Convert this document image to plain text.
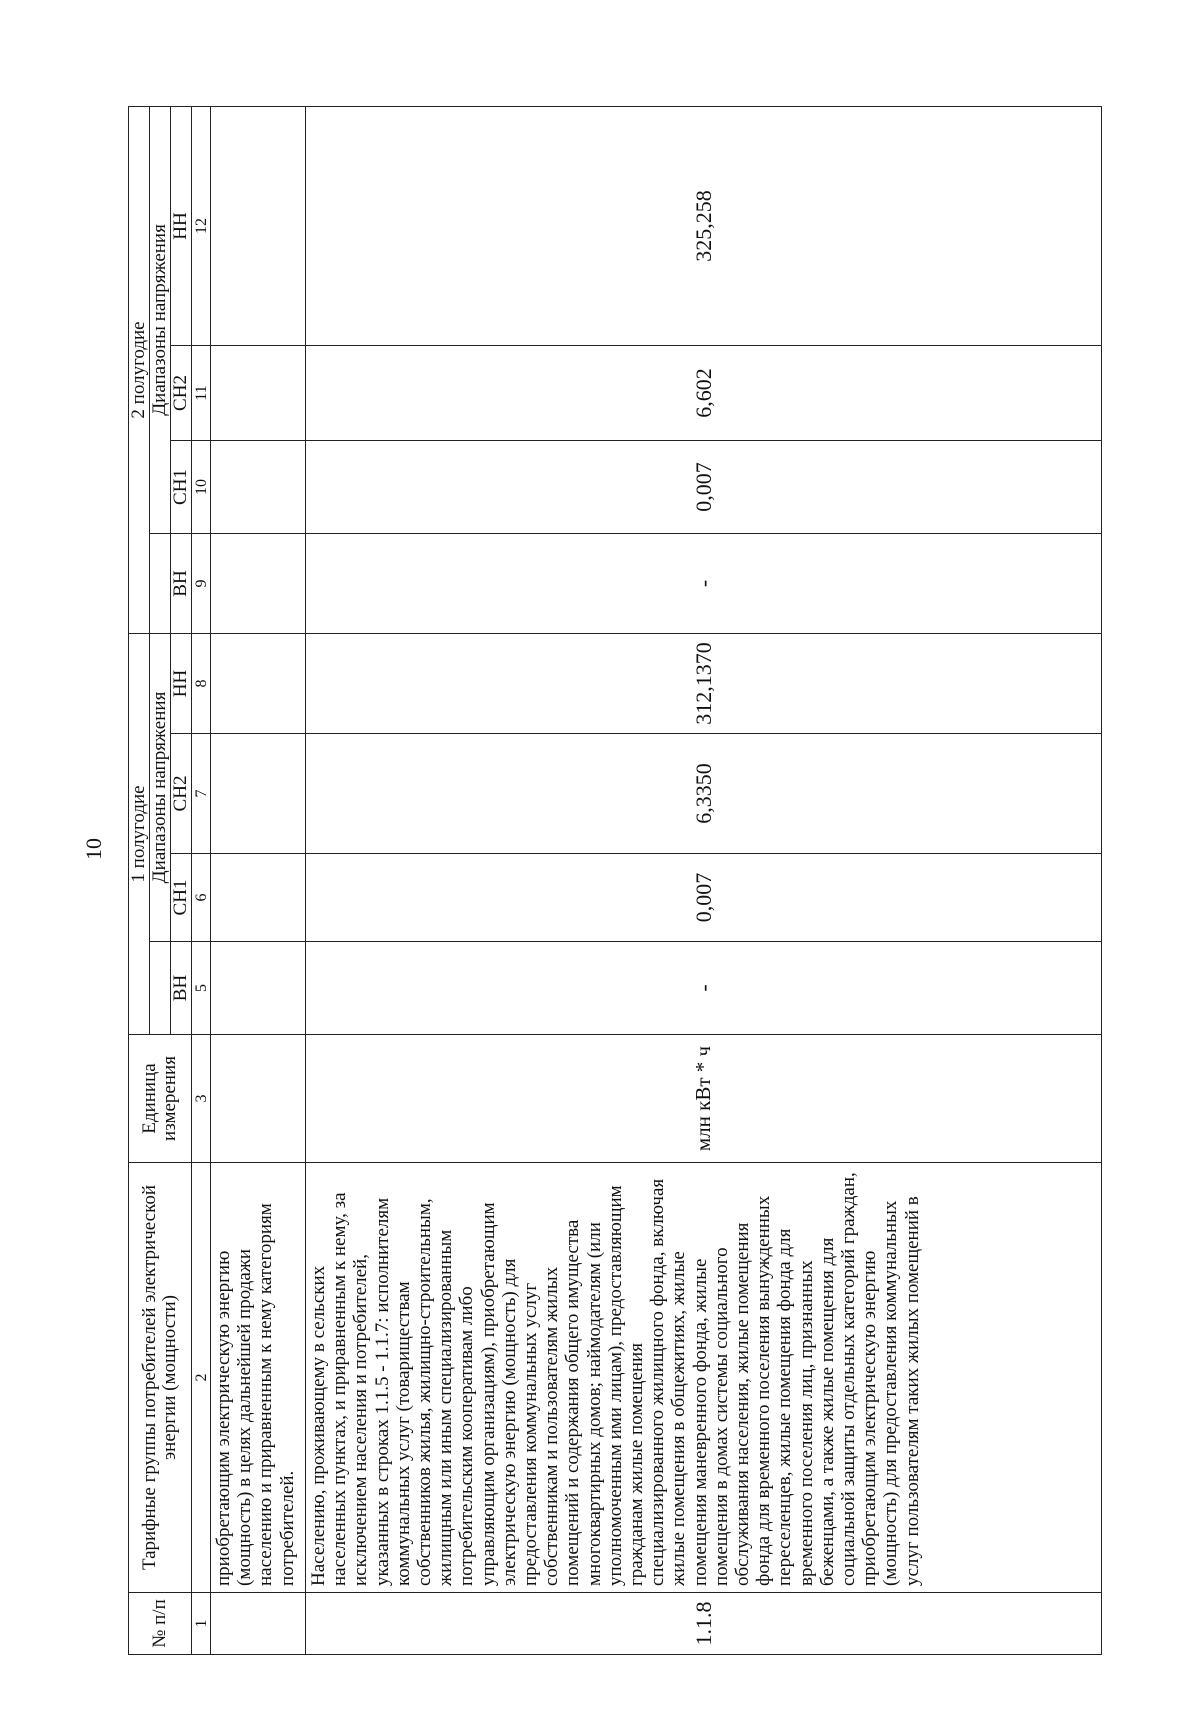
10
№ п/п	Тарифные группы потребителей электрической энергии (мощности)	Единица измерения	1 полугодие				2 полугодие			
				Диапазоны напряжения				Диапазоны напряжения		
			ВН	СН1	СН2	НН	ВН	СН1	СН2	НН
1	2	3	5	6	7	8	9	10	11	12
	приобретающим электрическую энергию (мощность) в целях дальнейшей продажи населению и приравненным к нему категориям потребителей.									
1.1.8	Населению, проживающему в сельских населенных пунктах, и приравненным к нему, за исключением населения и потребителей, указанных в строках 1.1.5 - 1.1.7: исполнителям коммунальных услуг (товариществам собственников жилья, жилищно-строительным, жилищным или иным специализированным потребительским кооперативам либо управляющим организациям), приобретающим электрическую энергию (мощность) для предоставления коммунальных услуг собственникам и пользователям жилых помещений и содержания общего имущества многоквартирных домов; наймодателям (или уполномоченным ими лицам), предоставляющим гражданам жилые помещения специализированного жилищного фонда, включая жилые помещения в общежитиях, жилые помещения маневренного фонда, жилые помещения в домах системы социального обслуживания населения, жилые помещения фонда для временного поселения вынужденных переселенцев, жилые помещения фонда для временного поселения лиц, признанных беженцами, а также жилые помещения для социальной защиты отдельных категорий граждан, приобретающим электрическую энергию (мощность) для предоставления коммунальных услуг пользователям таких жилых помещений в	млн кВт * ч	-	0,007	6,3350	312,1370	-	0,007	6,602	325,258
